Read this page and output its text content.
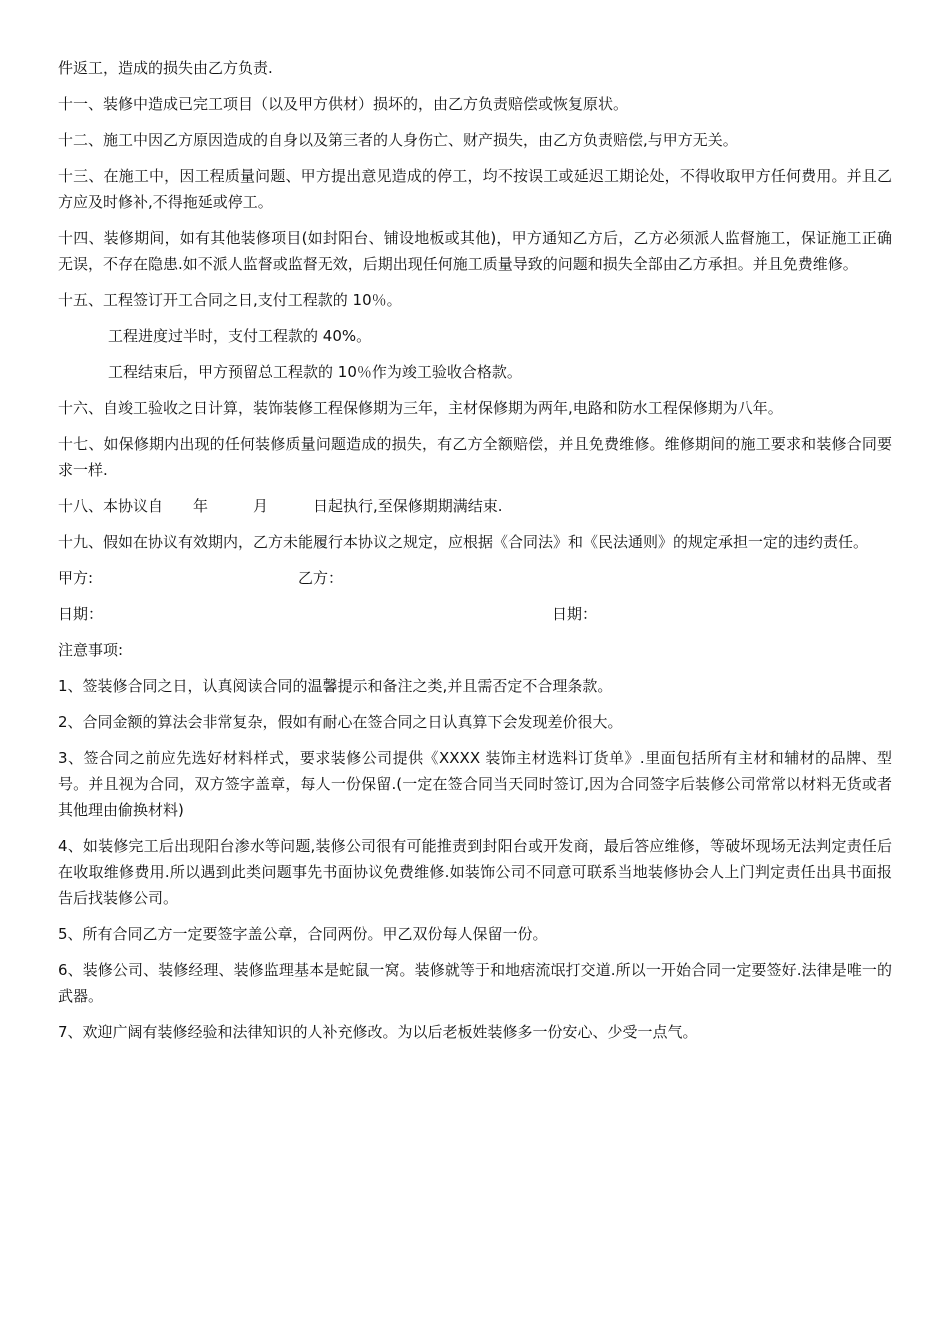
件返工，造成的损失由乙方负责.

十一、装修中造成已完工项目（以及甲方供材）损坏的，由乙方负责赔偿或恢复原状。

十二、施工中因乙方原因造成的自身以及第三者的人身伤亡、财产损失，由乙方负责赔偿,与甲方无关。

十三、在施工中，因工程质量问题、甲方提出意见造成的停工，均不按误工或延迟工期论处，不得收取甲方任何费用。并且乙方应及时修补,不得拖延或停工。

十四、装修期间，如有其他装修项目(如封阳台、铺设地板或其他)，甲方通知乙方后，乙方必须派人监督施工，保证施工正确无误，不存在隐患.如不派人监督或监督无效，后期出现任何施工质量导致的问题和损失全部由乙方承担。并且免费维修。

十五、工程签订开工合同之日,支付工程款的 10％。

工程进度过半时，支付工程款的 40%。

工程结束后，甲方预留总工程款的 10％作为竣工验收合格款。

十六、自竣工验收之日计算，装饰装修工程保修期为三年，主材保修期为两年,电路和防水工程保修期为八年。

十七、如保修期内出现的任何装修质量问题造成的损失，有乙方全额赔偿，并且免费维修。维修期间的施工要求和装修合同要求一样.

十八、本协议自　　年　　　月　　　日起执行,至保修期期满结束.

十九、假如在协议有效期内，乙方未能履行本协议之规定，应根据《合同法》和《民法通则》的规定承担一定的违约责任。

甲方:	乙方：
日期：	日期：

注意事项:

1、签装修合同之日，认真阅读合同的温馨提示和备注之类,并且需否定不合理条款。

2、合同金额的算法会非常复杂，假如有耐心在签合同之日认真算下会发现差价很大。

3、签合同之前应先选好材料样式，要求装修公司提供《XXXX 装饰主材选料订货单》.里面包括所有主材和辅材的品牌、型号。并且视为合同，双方签字盖章，每人一份保留.(一定在签合同当天同时签订,因为合同签字后装修公司常常以材料无货或者其他理由偷换材料)

4、如装修完工后出现阳台渗水等问题,装修公司很有可能推责到封阳台或开发商，最后答应维修，等破坏现场无法判定责任后在收取维修费用.所以遇到此类问题事先书面协议免费维修.如装饰公司不同意可联系当地装修协会人上门判定责任出具书面报告后找装修公司。

5、所有合同乙方一定要签字盖公章，合同两份。甲乙双份每人保留一份。

6、装修公司、装修经理、装修监理基本是蛇鼠一窝。装修就等于和地痞流氓打交道.所以一开始合同一定要签好.法律是唯一的武器。

7、欢迎广阔有装修经验和法律知识的人补充修改。为以后老板姓装修多一份安心、少受一点气。
